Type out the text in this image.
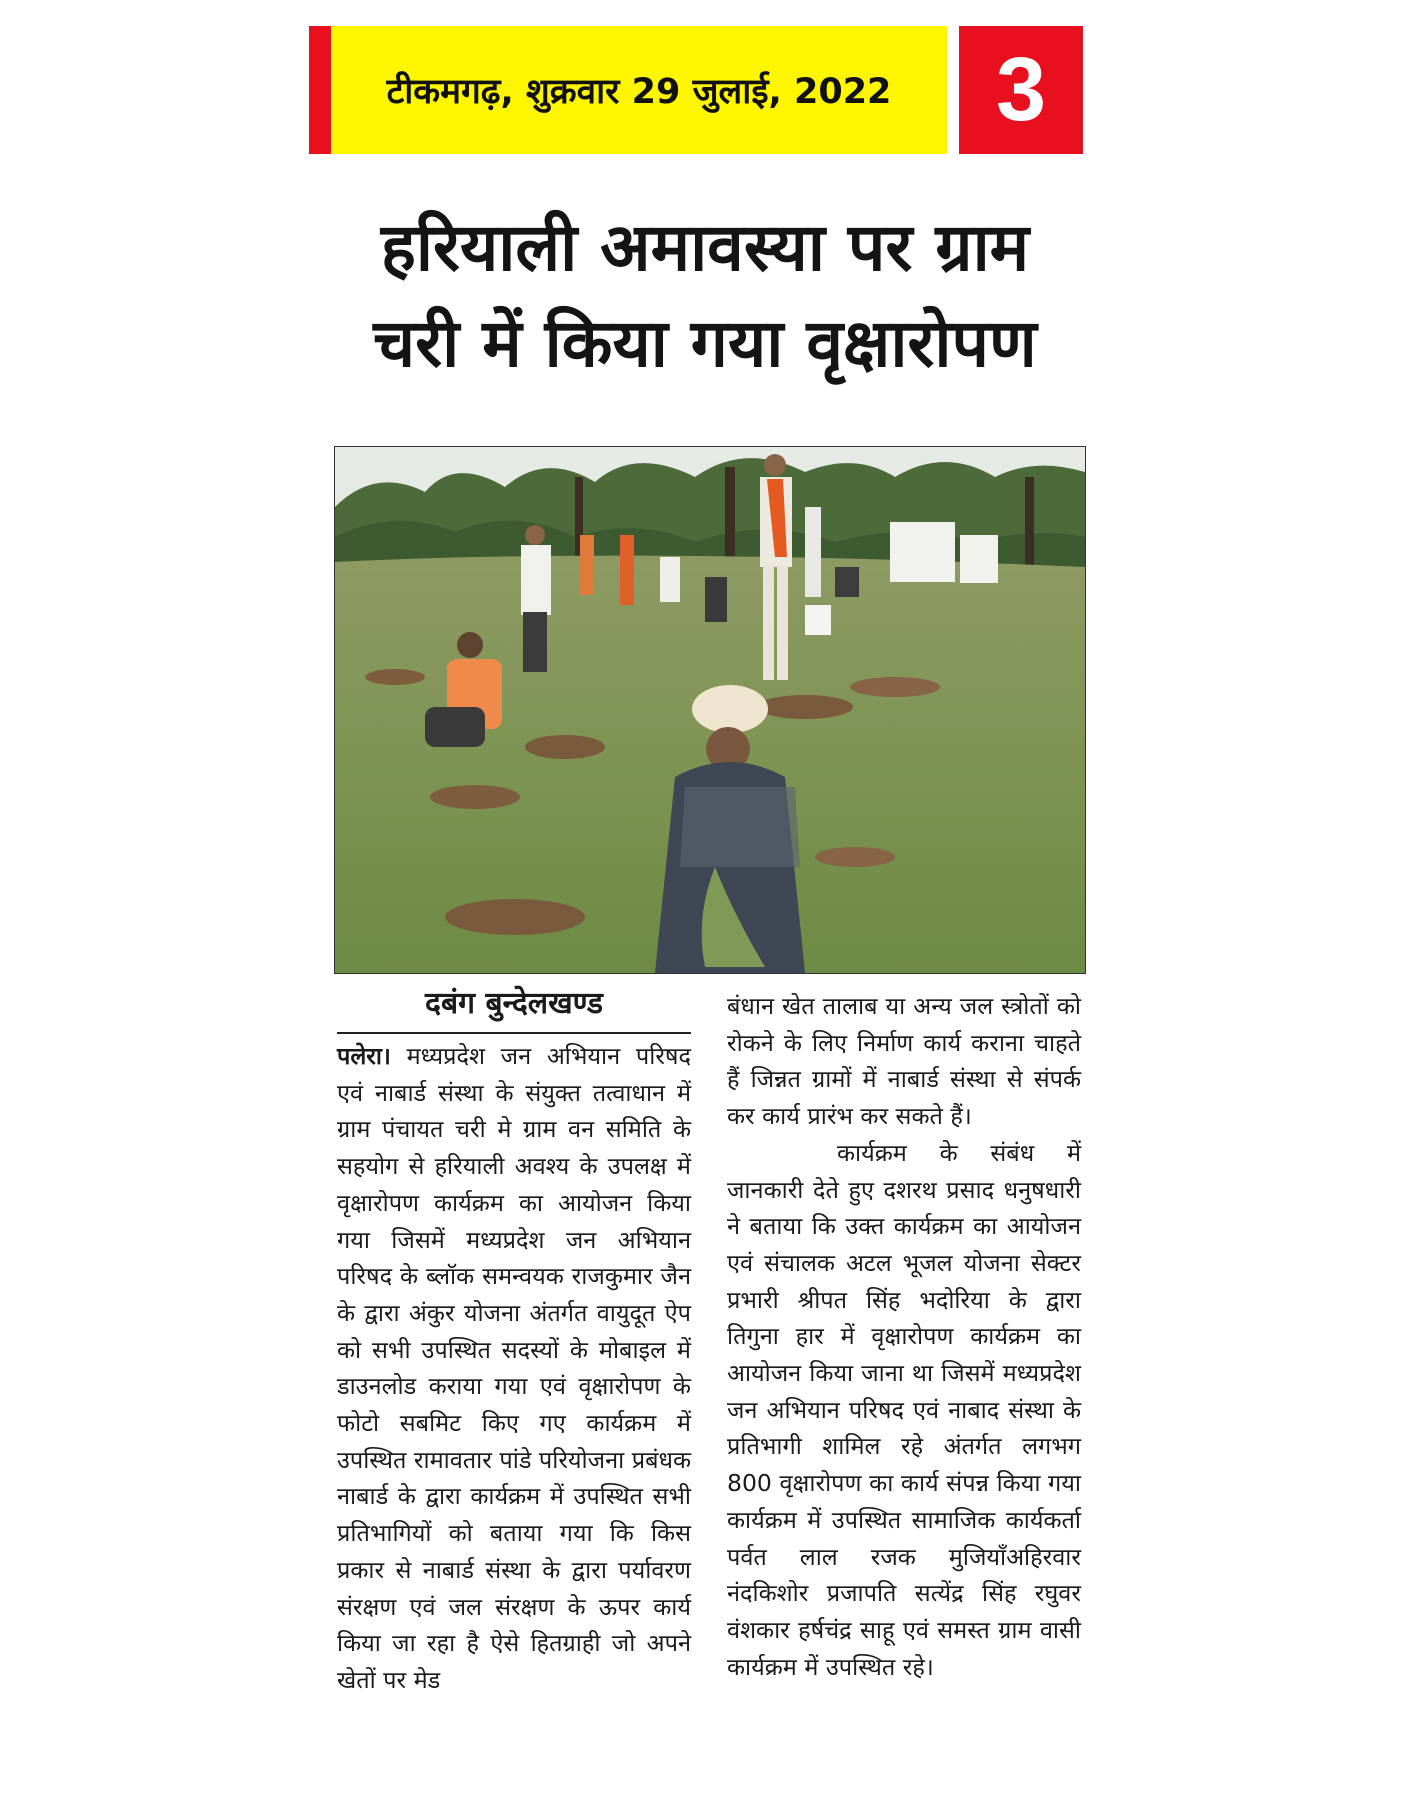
टीकमगढ़, शुक्रवार 29 जुलाई, 2022 3
हरियाली अमावस्या पर ग्राम
चरी में किया गया वृक्षारोपण
दबंग बुन्देलखण्ड

पलेरा। मध्यप्रदेश जन अभियान परिषद एवं नाबार्ड संस्था के संयुक्त तत्वाधान में ग्राम पंचायत चरी मे ग्राम वन समिति के सहयोग से हरियाली अवश्य के उपलक्ष में वृक्षारोपण कार्यक्रम का आयोजन किया गया जिसमें मध्यप्रदेश जन अभियान परिषद के ब्लॉक समन्वयक राजकुमार जैन के द्वारा अंकुर योजना अंतर्गत वायुदूत ऐप को सभी उपस्थित सदस्यों के मोबाइल में डाउनलोड कराया गया एवं वृक्षारोपण के फोटो सबमिट किए गए कार्यक्रम में उपस्थित रामावतार पांडे परियोजना प्रबंधक नाबार्ड के द्वारा कार्यक्रम में उपस्थित सभी प्रतिभागियों को बताया गया कि किस प्रकार से नाबार्ड संस्था के द्वारा पर्यावरण संरक्षण एवं जल संरक्षण के ऊपर कार्य किया जा रहा है ऐसे हितग्राही जो अपने खेतों पर मेड

बंधान खेत तालाब या अन्य जल स्त्रोतों को रोकने के लिए निर्माण कार्य कराना चाहते हैं जिन्नत ग्रामों में नाबार्ड संस्था से संपर्क कर कार्य प्रारंभ कर सकते हैं।

कार्यक्रम के संबंध में जानकारी देते हुए दशरथ प्रसाद धनुषधारी ने बताया कि उक्त कार्यक्रम का आयोजन एवं संचालक अटल भूजल योजना सेक्टर प्रभारी श्रीपत सिंह भदोरिया के द्वारा तिगुना हार में वृक्षारोपण कार्यक्रम का आयोजन किया जाना था जिसमें मध्यप्रदेश जन अभियान परिषद एवं नाबाद संस्था के प्रतिभागी शामिल रहे अंतर्गत लगभग 800 वृक्षारोपण का कार्य संपन्न किया गया कार्यक्रम में उपस्थित सामाजिक कार्यकर्ता पर्वत लाल रजक मुजियाँअहिरवार नंदकिशोर प्रजापति सत्येंद्र सिंह रघुवर वंशकार हर्षचंद्र साहू एवं समस्त ग्राम वासी कार्यक्रम में उपस्थित रहे।
